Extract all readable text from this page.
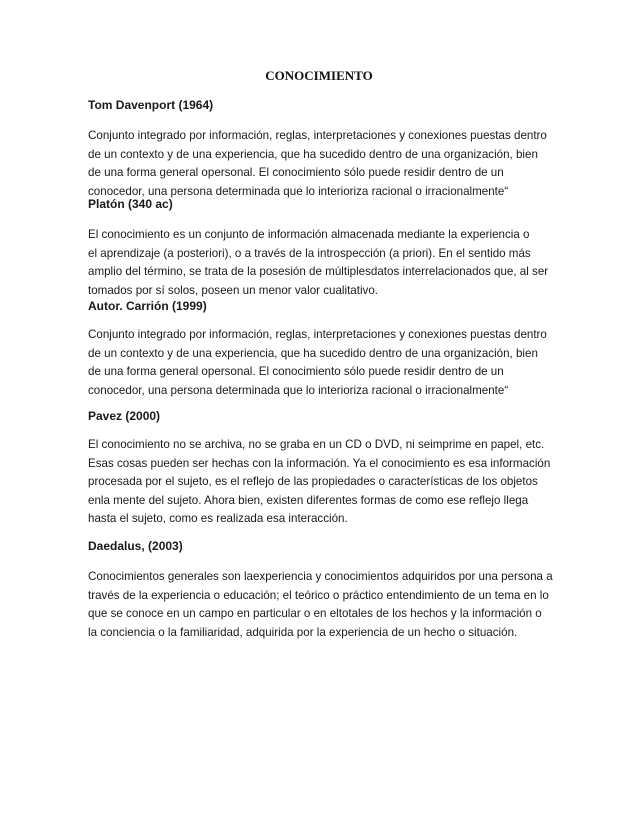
CONOCIMIENTO

Tom Davenport (1964)

Conjunto integrado por información, reglas, interpretaciones y conexiones puestas dentro
de un contexto y de una experiencia, que ha sucedido dentro de una organización, bien
de una forma general opersonal. El conocimiento sólo puede residir dentro de un
conocedor, una persona determinada que lo interioriza racional o irracionalmente“

Platón (340 ac)

El conocimiento es un conjunto de información almacenada mediante la experiencia o
el aprendizaje (a posteriori), o a través de la introspección (a priori). En el sentido más
amplio del término, se trata de la posesión de múltiplesdatos interrelacionados que, al ser
tomados por sí solos, poseen un menor valor cualitativo.

Autor. Carrión (1999)

Conjunto integrado por información, reglas, interpretaciones y conexiones puestas dentro
de un contexto y de una experiencia, que ha sucedido dentro de una organización, bien
de una forma general opersonal. El conocimiento sólo puede residir dentro de un
conocedor, una persona determinada que lo interioriza racional o irracionalmente“

Pavez (2000)

El conocimiento no se archiva, no se graba en un CD o DVD, ni seimprime en papel, etc.
Esas cosas pueden ser hechas con la información. Ya el conocimiento es esa información
procesada por el sujeto, es el reflejo de las propiedades o características de los objetos
enla mente del sujeto. Ahora bien, existen diferentes formas de como ese reflejo llega
hasta el sujeto, como es realizada esa interacción.

Daedalus, (2003)

Conocimientos generales son laexperiencia y conocimientos adquiridos por una persona a
través de la experiencia o educación; el teórico o práctico entendimiento de un tema en lo
que se conoce en un campo en particular o en eltotales de los hechos y la información o
la conciencia o la familiaridad, adquirida por la experiencia de un hecho o situación.
